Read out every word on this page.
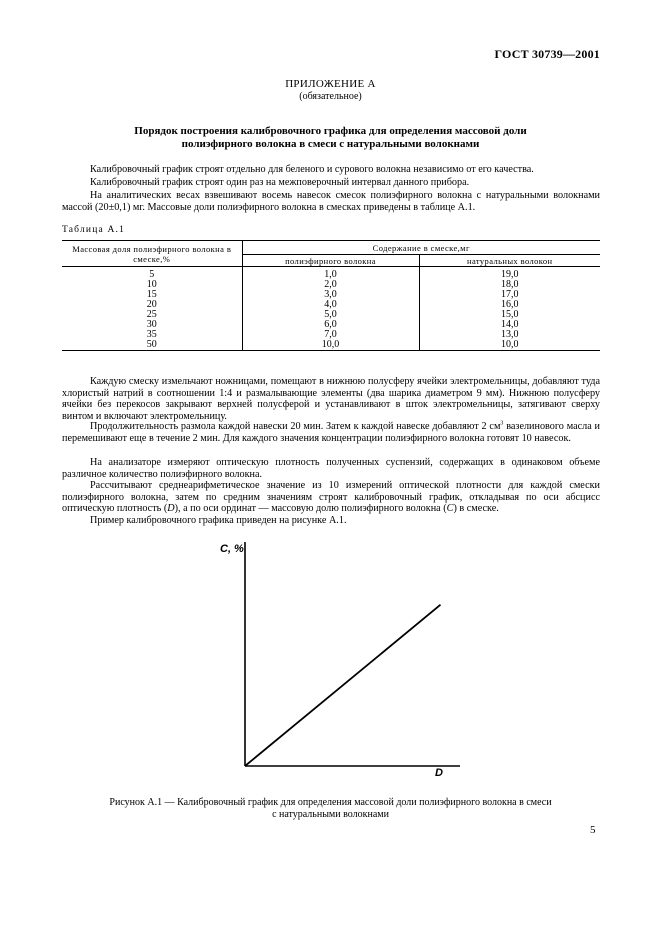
ГОСТ 30739—2001
ПРИЛОЖЕНИЕ А
(обязательное)
Порядок построения калибровочного графика для определения массовой доли
полиэфирного волокна в смеси с натуральными волокнами
Калибровочный график строят отдельно для беленого и сурового волокна независимо от его качества.
Калибровочный график строят один раз на межповерочный интервал данного прибора.
На аналитических весах взвешивают восемь навесок смесок полиэфирного волокна с натуральными волокнами массой (20±0,1) мг. Массовые доли полиэфирного волокна в смесках приведены в таблице А.1.
Таблица А.1
Массовая доля полиэфирного волокна в смеске,%	Содержание в смеске,мг	
	полиэфирного волокна	натуральных волокон
5	1,0	19,0
10	2,0	18,0
15	3,0	17,0
20	4,0	16,0
25	5,0	15,0
30	6,0	14,0
35	7,0	13,0
50	10,0	10,0
Каждую смеску измельчают ножницами, помещают в нижнюю полусферу ячейки электромельницы, добавляют туда хлористый натрий в соотношении 1:4 и размалывающие элементы (два шарика диаметром 9 мм). Нижнюю полусферу ячейки без перекосов закрывают верхней полусферой и устанавливают в шток электромельницы, затягивают сверху винтом и включают электромельницу.
Продолжительность размола каждой навески 20 мин. Затем к каждой навеске добавляют 2 $см^3$ вазелинового масла и перемешивают еще в течение 2 мин. Для каждого значения концентрации полиэфирного волокна готовят 10 навесок.
На анализаторе измеряют оптическую плотность полученных суспензий, содержащих в одинаковом объеме различное количество полиэфирного волокна.
Рассчитывают среднеарифметическое значение из 10 измерений оптической плотности для каждой смески полиэфирного волокна, затем по средним значениям строят калибровочный график, откладывая по оси абсцисс оптическую плотность (D), а по оси ординат — массовую долю полиэфирного волокна (C) в смеске.
Пример калибровочного графика приведен на рисунке А.1.
C, %
D
Рисунок А.1 — Калибровочный график для определения массовой доли полиэфирного волокна в смеси
с натуральными волокнами
5
